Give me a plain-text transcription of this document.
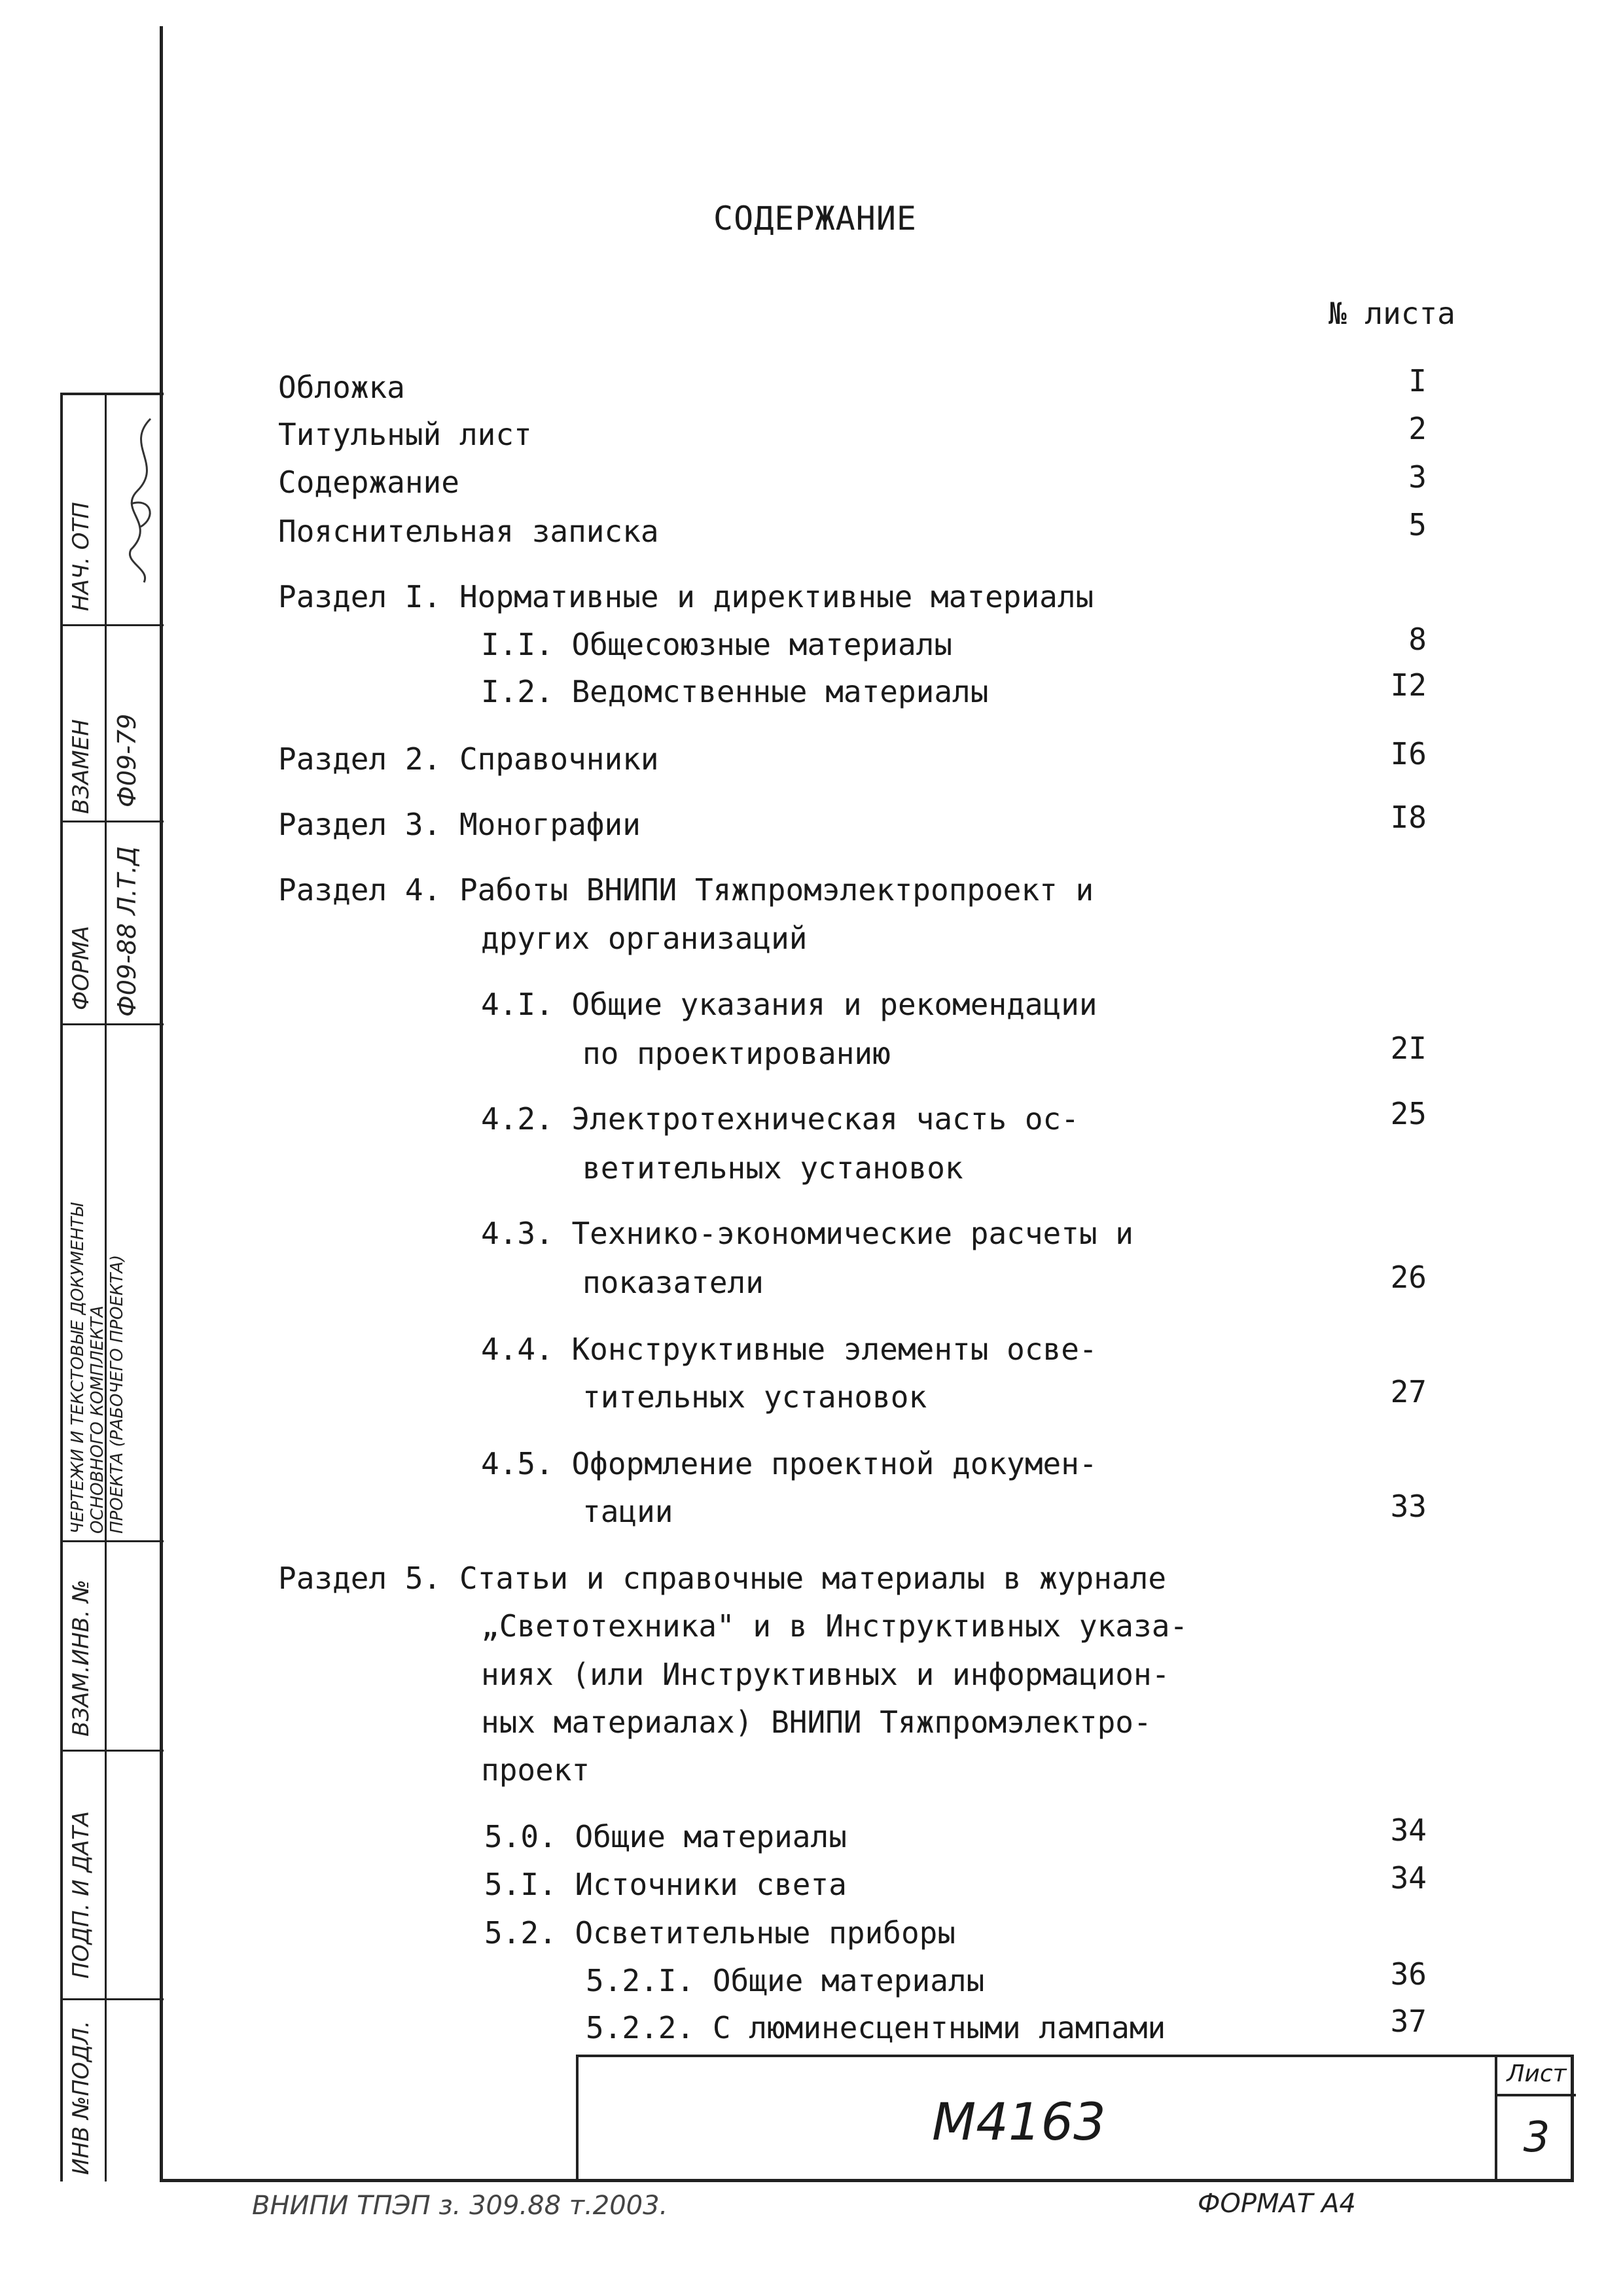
НАЧ. ОТП
ВЗАМЕН Ф09-79
ФОРМА Ф09-88 Л.Т.Д
ЧЕРТЕЖИ И ТЕКСТОВЫЕ ДОКУМЕНТЫ
ОСНОВНОГО КОМПЛЕКТА
ПРОЕКТА (РАБОЧЕГО ПРОЕКТА)
ВЗАМ.ИНВ. №
ПОДП. И ДАТА
ИНВ №ПОДЛ.
СОДЕРЖАНИЕ
№ листа
Обложка	I
Титульный лист	2
Содержание	3
Пояснительная записка	5
Раздел I. Нормативные и директивные материалы
I.I. Общесоюзные материалы	8
I.2. Ведомственные материалы	I2
Раздел 2. Справочники	I6
Раздел 3. Монографии	I8
Раздел 4. Работы ВНИПИ Тяжпромэлектропроект и
других организаций
4.I. Общие указания и рекомендации
по проектированию	2I
4.2. Электротехническая часть ос-	25
ветительных установок
4.3. Технико-экономические расчеты и
показатели	26
4.4. Конструктивные элементы осве-
тительных установок	27
4.5. Оформление проектной докумен-
тации	33
Раздел 5. Статьи и справочные материалы в журнале
„Светотехника" и в Инструктивных указа-
ниях (или Инструктивных и информацион-
ных материалах) ВНИПИ Тяжпромэлектро-
проект
5.0. Общие материалы	34
5.I. Источники света	34
5.2. Осветительные приборы
5.2.I. Общие материалы	36
5.2.2. С люминесцентными лампами	37
M4163
Лист
3
ВНИПИ ТПЭП з. 309.88 т.2003.	ФОРМАТ А4
